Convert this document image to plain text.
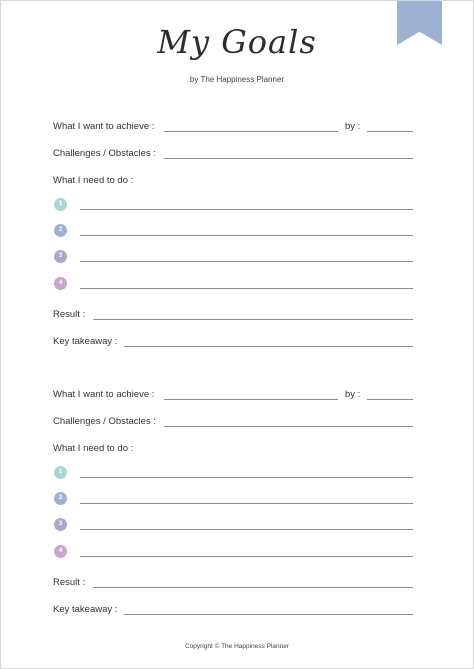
My Goals
by The Happiness Planner
What I want to achieve :	by :
Challenges / Obstacles :
What I need to do :
1
2
3
4
Result :
Key takeaway :
What I want to achieve :	by :
Challenges / Obstacles :
What I need to do :
1
2
3
4
Result :
Key takeaway :
Copyright © The Happiness Planner
